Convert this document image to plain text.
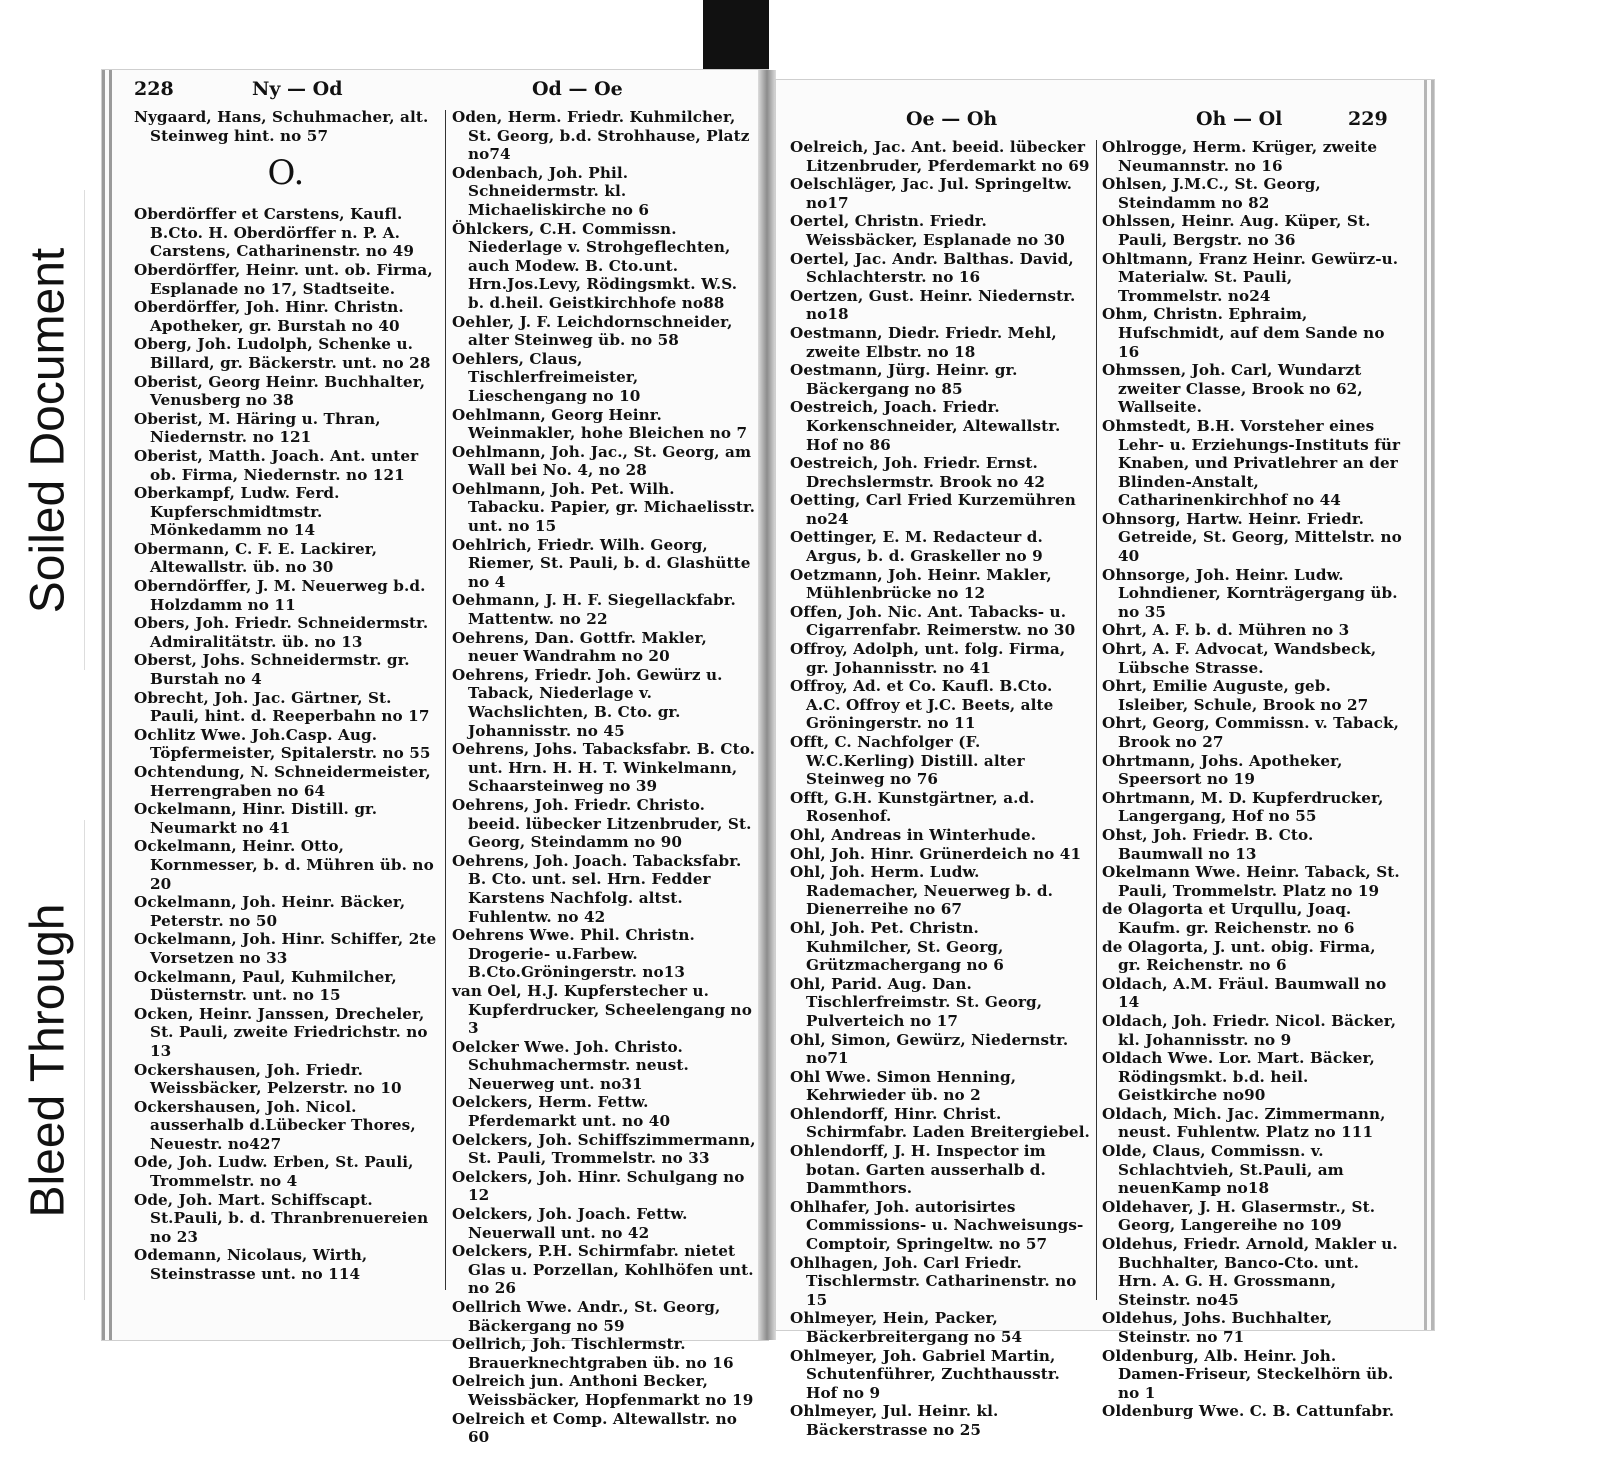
Soiled Document
Bleed Through
228	Ny — Od	Od — Oe

Nygaard, Hans, Schuhmacher, alt. Steinweg hint. no 57

O.

Oberdörffer et Carstens, Kaufl. B.Cto. H. Oberdörffer n. P. A. Carstens, Catharinenstr. no 49

Oberdörffer, Heinr. unt. ob. Firma, Esplanade no 17, Stadtseite.

Oberdörffer, Joh. Hinr. Christn. Apotheker, gr. Burstah no 40

Oberg, Joh. Ludolph, Schenke u. Billard, gr. Bäckerstr. unt. no 28

Oberist, Georg Heinr. Buchhalter, Venusberg no 38

Oberist, M. Häring u. Thran, Niedernstr. no 121

Oberist, Matth. Joach. Ant. unter ob. Firma, Niedernstr. no 121

Oberkampf, Ludw. Ferd. Kupferschmidtmstr. Mönkedamm no 14

Obermann, C. F. E. Lackirer, Altewallstr. üb. no 30

Oberndörffer, J. M. Neuerweg b.d. Holzdamm no 11

Obers, Joh. Friedr. Schneidermstr. Admiralitätstr. üb. no 13

Oberst, Johs. Schneidermstr. gr. Burstah no 4

Obrecht, Joh. Jac. Gärtner, St. Pauli, hint. d. Reeperbahn no 17

Ochlitz Wwe. Joh.Casp. Aug. Töpfermeister, Spitalerstr. no 55

Ochtendung, N. Schneidermeister, Herrengraben no 64

Ockelmann, Hinr. Distill. gr. Neumarkt no 41

Ockelmann, Heinr. Otto, Kornmesser, b. d. Mühren üb. no 20

Ockelmann, Joh. Heinr. Bäcker, Peterstr. no 50

Ockelmann, Joh. Hinr. Schiffer, 2te Vorsetzen no 33

Ockelmann, Paul, Kuhmilcher, Düsternstr. unt. no 15

Ocken, Heinr. Janssen, Drecheler, St. Pauli, zweite Friedrichstr. no 13

Ockershausen, Joh. Friedr. Weissbäcker, Pelzerstr. no 10

Ockershausen, Joh. Nicol. ausserhalb d.Lübecker Thores, Neuestr. no427

Ode, Joh. Ludw. Erben, St. Pauli, Trommelstr. no 4

Ode, Joh. Mart. Schiffscapt. St.Pauli, b. d. Thranbrenuereien no 23

Odemann, Nicolaus, Wirth, Steinstrasse unt. no 114

Oden, Herm. Friedr. Kuhmilcher, St. Georg, b.d. Strohhause, Platz no74

Odenbach, Joh. Phil. Schneidermstr. kl. Michaeliskirche no 6

Öhlckers, C.H. Commissn. Niederlage v. Strohgeflechten, auch Modew. B. Cto.unt. Hrn.Jos.Levy, Rödingsmkt. W.S. b. d.heil. Geistkirchhofe no88

Oehler, J. F. Leichdornschneider, alter Steinweg üb. no 58

Oehlers, Claus, Tischlerfreimeister, Lieschengang no 10

Oehlmann, Georg Heinr. Weinmakler, hohe Bleichen no 7

Oehlmann, Joh. Jac., St. Georg, am Wall bei No. 4, no 28

Oehlmann, Joh. Pet. Wilh. Tabacku. Papier, gr. Michaelisstr. unt. no 15

Oehlrich, Friedr. Wilh. Georg, Riemer, St. Pauli, b. d. Glashütte no 4

Oehmann, J. H. F. Siegellackfabr. Mattentw. no 22

Oehrens, Dan. Gottfr. Makler, neuer Wandrahm no 20

Oehrens, Friedr. Joh. Gewürz u. Taback, Niederlage v. Wachslichten, B. Cto. gr. Johannisstr. no 45

Oehrens, Johs. Tabacksfabr. B. Cto. unt. Hrn. H. H. T. Winkelmann, Schaarsteinweg no 39

Oehrens, Joh. Friedr. Christo. beeid. lübecker Litzenbruder, St. Georg, Steindamm no 90

Oehrens, Joh. Joach. Tabacksfabr. B. Cto. unt. sel. Hrn. Fedder Karstens Nachfolg. altst. Fuhlentw. no 42

Oehrens Wwe. Phil. Christn. Drogerie- u.Farbew. B.Cto.Gröningerstr. no13

van Oel, H.J. Kupferstecher u. Kupferdrucker, Scheelengang no 3

Oelcker Wwe. Joh. Christo. Schuhmachermstr. neust. Neuerweg unt. no31

Oelckers, Herm. Fettw. Pferdemarkt unt. no 40

Oelckers, Joh. Schiffszimmermann, St. Pauli, Trommelstr. no 33

Oelckers, Joh. Hinr. Schulgang no 12

Oelckers, Joh. Joach. Fettw. Neuerwall unt. no 42

Oelckers, P.H. Schirmfabr. nietet Glas u. Porzellan, Kohlhöfen unt. no 26

Oellrich Wwe. Andr., St. Georg, Bäckergang no 59

Oellrich, Joh. Tischlermstr. Brauerknechtgraben üb. no 16

Oelreich jun. Anthoni Becker, Weissbäcker, Hopfenmarkt no 19

Oelreich et Comp. Altewallstr. no 60

Oe — Oh	Oh — Ol	229

Oelreich, Jac. Ant. beeid. lübecker Litzenbruder, Pferdemarkt no 69

Oelschläger, Jac. Jul. Springeltw. no17

Oertel, Christn. Friedr. Weissbäcker, Esplanade no 30

Oertel, Jac. Andr. Balthas. David, Schlachterstr. no 16

Oertzen, Gust. Heinr. Niedernstr. no18

Oestmann, Diedr. Friedr. Mehl, zweite Elbstr. no 18

Oestmann, Jürg. Heinr. gr. Bäckergang no 85

Oestreich, Joach. Friedr. Korkenschneider, Altewallstr. Hof no 86

Oestreich, Joh. Friedr. Ernst. Drechslermstr. Brook no 42

Oetting, Carl Fried Kurzemühren no24

Oettinger, E. M. Redacteur d. Argus, b. d. Graskeller no 9

Oetzmann, Joh. Heinr. Makler, Mühlenbrücke no 12

Offen, Joh. Nic. Ant. Tabacks- u. Cigarrenfabr. Reimerstw. no 30

Offroy, Adolph, unt. folg. Firma, gr. Johannisstr. no 41

Offroy, Ad. et Co. Kaufl. B.Cto. A.C. Offroy et J.C. Beets, alte Gröningerstr. no 11

Offt, C. Nachfolger (F. W.C.Kerling) Distill. alter Steinweg no 76

Offt, G.H. Kunstgärtner, a.d. Rosenhof.

Ohl, Andreas in Winterhude.

Ohl, Joh. Hinr. Grünerdeich no 41

Ohl, Joh. Herm. Ludw. Rademacher, Neuerweg b. d. Dienerreihe no 67

Ohl, Joh. Pet. Christn. Kuhmilcher, St. Georg, Grützmachergang no 6

Ohl, Parid. Aug. Dan. Tischlerfreimstr. St. Georg, Pulverteich no 17

Ohl, Simon, Gewürz, Niedernstr. no71

Ohl Wwe. Simon Henning, Kehrwieder üb. no 2

Ohlendorff, Hinr. Christ. Schirmfabr. Laden Breitergiebel.

Ohlendorff, J. H. Inspector im botan. Garten ausserhalb d. Dammthors.

Ohlhafer, Joh. autorisirtes Commissions- u. Nachweisungs-Comptoir, Springeltw. no 57

Ohlhagen, Joh. Carl Friedr. Tischlermstr. Catharinenstr. no 15

Ohlmeyer, Hein, Packer, Bäckerbreitergang no 54

Ohlmeyer, Joh. Gabriel Martin, Schutenführer, Zuchthausstr. Hof no 9

Ohlmeyer, Jul. Heinr. kl. Bäckerstrasse no 25

Ohlrogge, Herm. Krüger, zweite Neumannstr. no 16

Ohlsen, J.M.C., St. Georg, Steindamm no 82

Ohlssen, Heinr. Aug. Küper, St. Pauli, Bergstr. no 36

Ohltmann, Franz Heinr. Gewürz-u. Materialw. St. Pauli, Trommelstr. no24

Ohm, Christn. Ephraim, Hufschmidt, auf dem Sande no 16

Ohmssen, Joh. Carl, Wundarzt zweiter Classe, Brook no 62, Wallseite.

Ohmstedt, B.H. Vorsteher eines Lehr- u. Erziehungs-Instituts für Knaben, und Privatlehrer an der Blinden-Anstalt, Catharinenkirchhof no 44

Ohnsorg, Hartw. Heinr. Friedr. Getreide, St. Georg, Mittelstr. no 40

Ohnsorge, Joh. Heinr. Ludw. Lohndiener, Kornträgergang üb. no 35

Ohrt, A. F. b. d. Mühren no 3

Ohrt, A. F. Advocat, Wandsbeck, Lübsche Strasse.

Ohrt, Emilie Auguste, geb. Isleiber, Schule, Brook no 27

Ohrt, Georg, Commissn. v. Taback, Brook no 27

Ohrtmann, Johs. Apotheker, Speersort no 19

Ohrtmann, M. D. Kupferdrucker, Langergang, Hof no 55

Ohst, Joh. Friedr. B. Cto. Baumwall no 13

Okelmann Wwe. Heinr. Taback, St. Pauli, Trommelstr. Platz no 19

de Olagorta et Urqullu, Joaq. Kaufm. gr. Reichenstr. no 6

de Olagorta, J. unt. obig. Firma, gr. Reichenstr. no 6

Oldach, A.M. Fräul. Baumwall no 14

Oldach, Joh. Friedr. Nicol. Bäcker, kl. Johannisstr. no 9

Oldach Wwe. Lor. Mart. Bäcker, Rödingsmkt. b.d. heil. Geistkirche no90

Oldach, Mich. Jac. Zimmermann, neust. Fuhlentw. Platz no 111

Olde, Claus, Commissn. v. Schlachtvieh, St.Pauli, am neuenKamp no18

Oldehaver, J. H. Glasermstr., St. Georg, Langereihe no 109

Oldehus, Friedr. Arnold, Makler u. Buchhalter, Banco-Cto. unt. Hrn. A. G. H. Grossmann, Steinstr. no45

Oldehus, Johs. Buchhalter, Steinstr. no 71

Oldenburg, Alb. Heinr. Joh. Damen-Friseur, Steckelhörn üb. no 1

Oldenburg Wwe. C. B. Cattunfabr.
